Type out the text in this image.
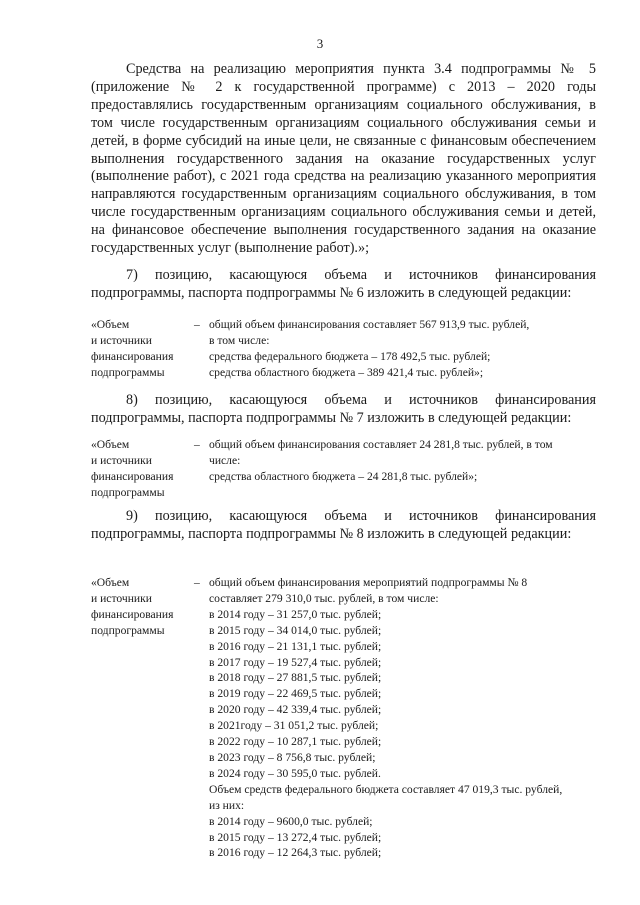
3

Средства на реализацию мероприятия пункта 3.4 подпрограммы № 5 (приложение № 2 к государственной программе) с 2013 – 2020 годы предоставлялись государственным организациям социального обслуживания, в том числе государственным организациям социального обслуживания семьи и детей, в форме субсидий на иные цели, не связанные с финансовым обеспечением выполнения государственного задания на оказание государственных услуг (выполнение работ), с 2021 года средства на реализацию указанного мероприятия направляются государственным организациям социального обслуживания, в том числе государственным организациям социального обслуживания семьи и детей, на финансовое обеспечение выполнения государственного задания на оказание государственных услуг (выполнение работ).»;

7) позицию, касающуюся объема и источников финансирования подпрограммы, паспорта подпрограммы № 6 изложить в следующей редакции:

«Объем
и источники
финансирования
подпрограммы
– общий объем финансирования составляет 567 913,9 тыс. рублей,
в том числе:
средства федерального бюджета – 178 492,5 тыс. рублей;
средства областного бюджета – 389 421,4 тыс. рублей»;

8) позицию, касающуюся объема и источников финансирования подпрограммы, паспорта подпрограммы № 7 изложить в следующей редакции:

«Объем
и источники
финансирования
подпрограммы
– общий объем финансирования составляет 24 281,8 тыс. рублей, в том
числе:
средства областного бюджета – 24 281,8 тыс. рублей»;

9) позицию, касающуюся объема и источников финансирования подпрограммы, паспорта подпрограммы № 8 изложить в следующей редакции:

«Объем
и источники
финансирования
подпрограммы
– общий объем финансирования мероприятий подпрограммы № 8
составляет 279 310,0 тыс. рублей, в том числе:
в 2014 году – 31 257,0 тыс. рублей;
в 2015 году – 34 014,0 тыс. рублей;
в 2016 году – 21 131,1 тыс. рублей;
в 2017 году – 19 527,4 тыс. рублей;
в 2018 году – 27 881,5 тыс. рублей;
в 2019 году – 22 469,5 тыс. рублей;
в 2020 году – 42 339,4 тыс. рублей;
в 2021году – 31 051,2 тыс. рублей;
в 2022 году – 10 287,1 тыс. рублей;
в 2023 году – 8 756,8 тыс. рублей;
в 2024 году – 30 595,0 тыс. рублей.
Объем средств федерального бюджета составляет 47 019,3 тыс. рублей,
из них:
в 2014 году – 9600,0 тыс. рублей;
в 2015 году – 13 272,4 тыс. рублей;
в 2016 году – 12 264,3 тыс. рублей;
